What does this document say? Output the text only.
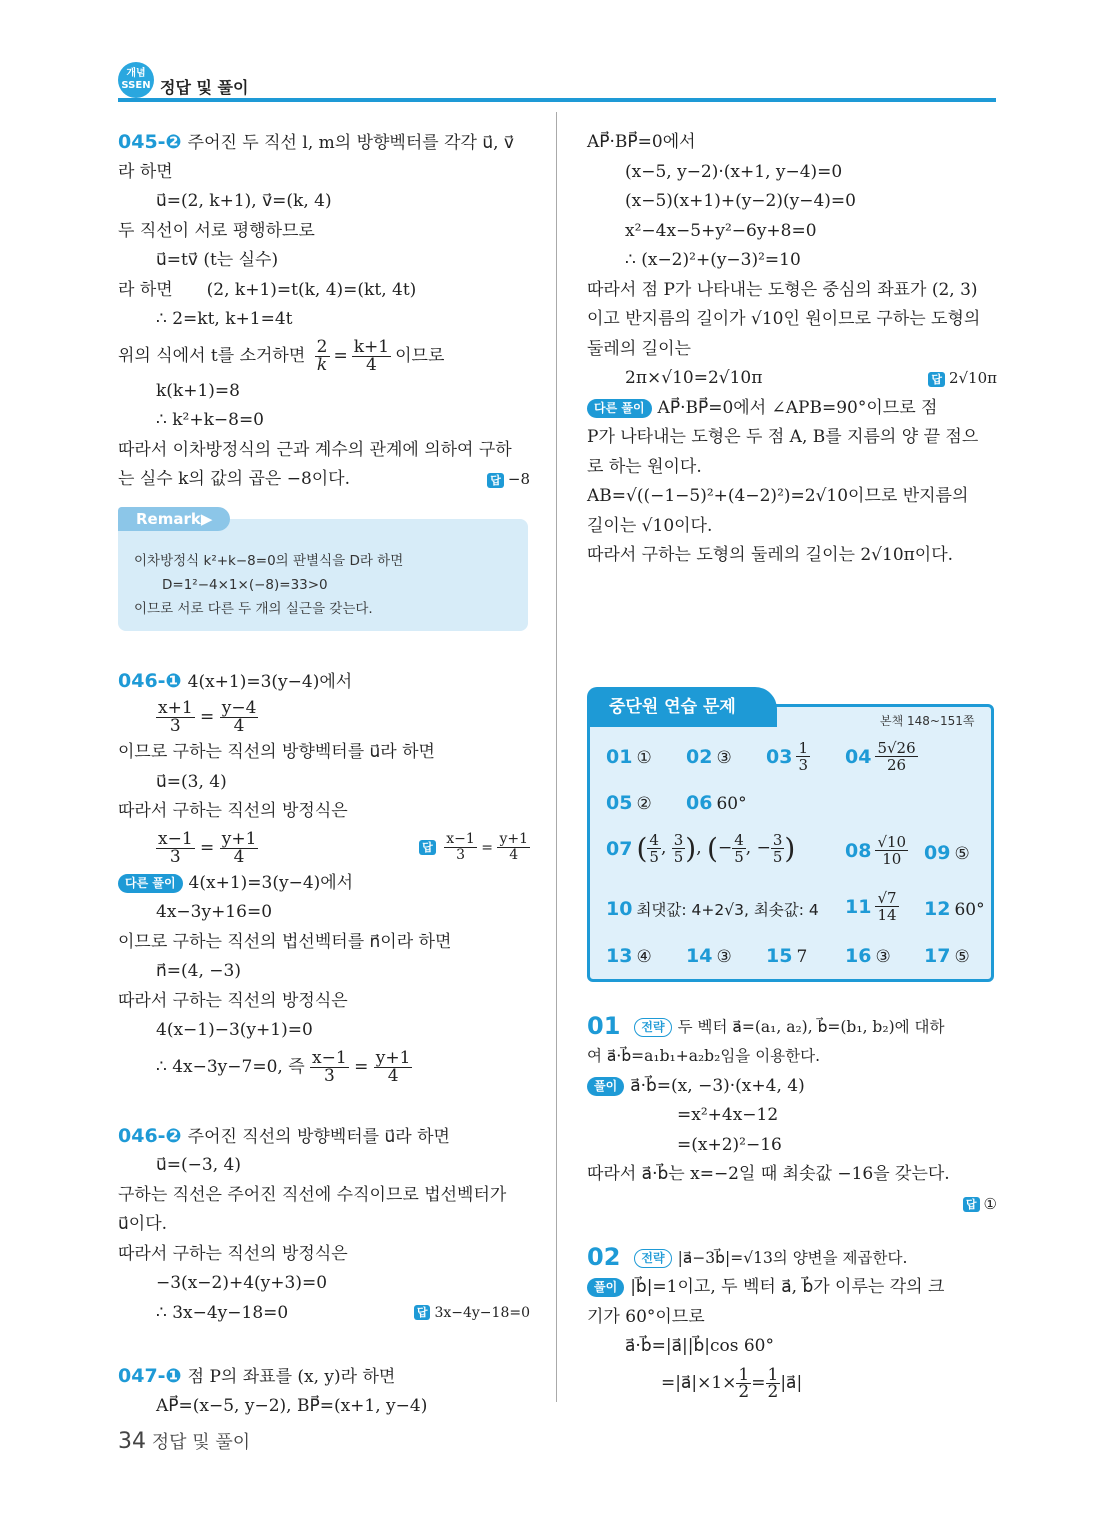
개념
SSEN 정답 및 풀이
045-❷ 주어진 두 직선 l, m의 방향벡터를 각각 u⃗, v⃗
라 하면
u⃗=(2, k+1), v⃗=(k, 4)
두 직선이 서로 평행하므로
u⃗=tv⃗ (t는 실수)
라 하면　　(2, k+1)=t(k, 4)=(kt, 4t)
∴ 2=kt, k+1=4t
위의 식에서 t를 소거하면 $\frac{2}{k} = \frac{k+1}{4}$ 이므로
k(k+1)=8
∴ k²+k−8=0
따라서 이차방정식의 근과 계수의 관계에 의하여 구하
는 실수 k의 값의 곱은 −8이다.	답 −8
Remark▶
이차방정식 k²+k−8=0의 판별식을 D라 하면
D=1²−4×1×(−8)=33>0
이므로 서로 다른 두 개의 실근을 갖는다.
046-❶ 4(x+1)=3(y−4)에서
$\frac{x+1}{3} = \frac{y-4}{4}$
이므로 구하는 직선의 방향벡터를 u⃗라 하면
u⃗=(3, 4)
따라서 구하는 직선의 방정식은
$\frac{x-1}{3} = \frac{y+1}{4}$	답 $\frac{x-1}{3} = \frac{y+1}{4}$
다른 풀이 4(x+1)=3(y−4)에서
4x−3y+16=0
이므로 구하는 직선의 법선벡터를 n⃗이라 하면
n⃗=(4, −3)
따라서 구하는 직선의 방정식은
4(x−1)−3(y+1)=0
∴ 4x−3y−7=0, 즉 $\frac{x-1}{3} = \frac{y+1}{4}$
046-❷ 주어진 직선의 방향벡터를 u⃗라 하면
u⃗=(−3, 4)
구하는 직선은 주어진 직선에 수직이므로 법선벡터가
u⃗이다.
따라서 구하는 직선의 방정식은
−3(x−2)+4(y+3)=0
∴ 3x−4y−18=0	답 3x−4y−18=0
047-❶ 점 P의 좌표를 (x, y)라 하면
AP⃗=(x−5, y−2), BP⃗=(x+1, y−4)
AP⃗·BP⃗=0에서
(x−5, y−2)·(x+1, y−4)=0
(x−5)(x+1)+(y−2)(y−4)=0
x²−4x−5+y²−6y+8=0
∴ (x−2)²+(y−3)²=10
따라서 점 P가 나타내는 도형은 중심의 좌표가 (2, 3)
이고 반지름의 길이가 √10인 원이므로 구하는 도형의
둘레의 길이는
2π×√10=2√10π	답 2√10π
다른 풀이 AP⃗·BP⃗=0에서 ∠APB=90°이므로 점
P가 나타내는 도형은 두 점 A, B를 지름의 양 끝 점으
로 하는 원이다.
AB=√((−1−5)²+(4−2)²)=2√10이므로 반지름의
길이는 √10이다.
따라서 구하는 도형의 둘레의 길이는 2√10π이다.
중단원 연습 문제
본책 148~151쪽
01 ① 02 ③ $03 \frac{1}{3} 04 \frac{5√26}{26}$
05 ② 06 60°
07 ( $\frac{4}{5}$ , $\frac{3}{5}$ ), (− $\frac{4}{5}$ , − $\frac{3}{5}$ )	$08 \frac{√10}{10} 09$ ⑤
10 최댓값: 4+2√3, 최솟값: 4 $11 \frac{√7}{14} 12$ 60°
13 ④ 14 ③ 15 7 16 ③ 17 ⑤
01 전략 두 벡터 a⃗=(a₁, a₂), b⃗=(b₁, b₂)에 대하
여 a⃗·b⃗=a₁b₁+a₂b₂임을 이용한다.
풀이 a⃗·b⃗=(x, −3)·(x+4, 4)
=x²+4x−12
=(x+2)²−16
따라서 a⃗·b⃗는 x=−2일 때 최솟값 −16을 갖는다.
답 ①
02 전략 |a⃗−3b⃗|=√13의 양변을 제곱한다.
풀이 |b⃗|=1이고, 두 벡터 a⃗, b⃗가 이루는 각의 크
기가 60°이므로
a⃗·b⃗=|a⃗||b⃗|cos 60°
=|a⃗|×1× $\frac{1}{2} = \frac{1}{2}$ |a⃗|
34 정답 및 풀이
